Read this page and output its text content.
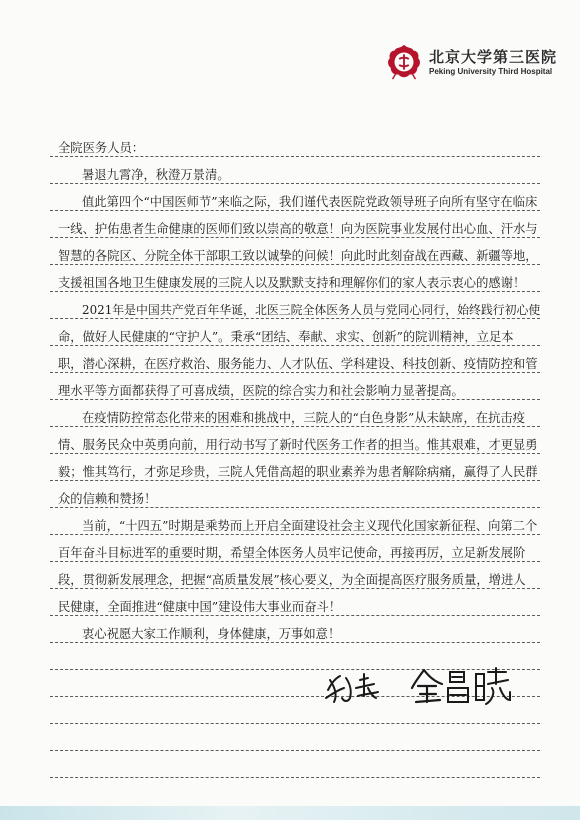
北京大学第三医院
Peking University Third Hospital
全院医务人员：
暑退九霄净，秋澄万景清。
值此第四个“中国医师节”来临之际，我们谨代表医院党政领导班子向所有坚守在临床
一线、护佑患者生命健康的医师们致以崇高的敬意！向为医院事业发展付出心血、汗水与
智慧的各院区、分院全体干部职工致以诚挚的问候！向此时此刻奋战在西藏、新疆等地，
支援祖国各地卫生健康发展的三院人以及默默支持和理解你们的家人表示衷心的感谢！
2021年是中国共产党百年华诞，北医三院全体医务人员与党同心同行，始终践行初心使
命，做好人民健康的“守护人”。秉承“团结、奉献、求实、创新”的院训精神，立足本
职，潜心深耕，在医疗救治、服务能力、人才队伍、学科建设、科技创新、疫情防控和管
理水平等方面都获得了可喜成绩，医院的综合实力和社会影响力显著提高。
在疫情防控常态化带来的困难和挑战中，三院人的“白色身影”从未缺席，在抗击疫
情、服务民众中英勇向前，用行动书写了新时代医务工作者的担当。惟其艰难，才更显勇
毅；惟其笃行，才弥足珍贵，三院人凭借高超的职业素养为患者解除病痛，赢得了人民群
众的信赖和赞扬！
当前，“十四五”时期是乘势而上开启全面建设社会主义现代化国家新征程、向第二个
百年奋斗目标进军的重要时期，希望全体医务人员牢记使命，再接再厉，立足新发展阶
段，贯彻新发展理念，把握“高质量发展”核心要义，为全面提高医疗服务质量，增进人
民健康，全面推进“健康中国”建设伟大事业而奋斗！
衷心祝愿大家工作顺利，身体健康，万事如意！
